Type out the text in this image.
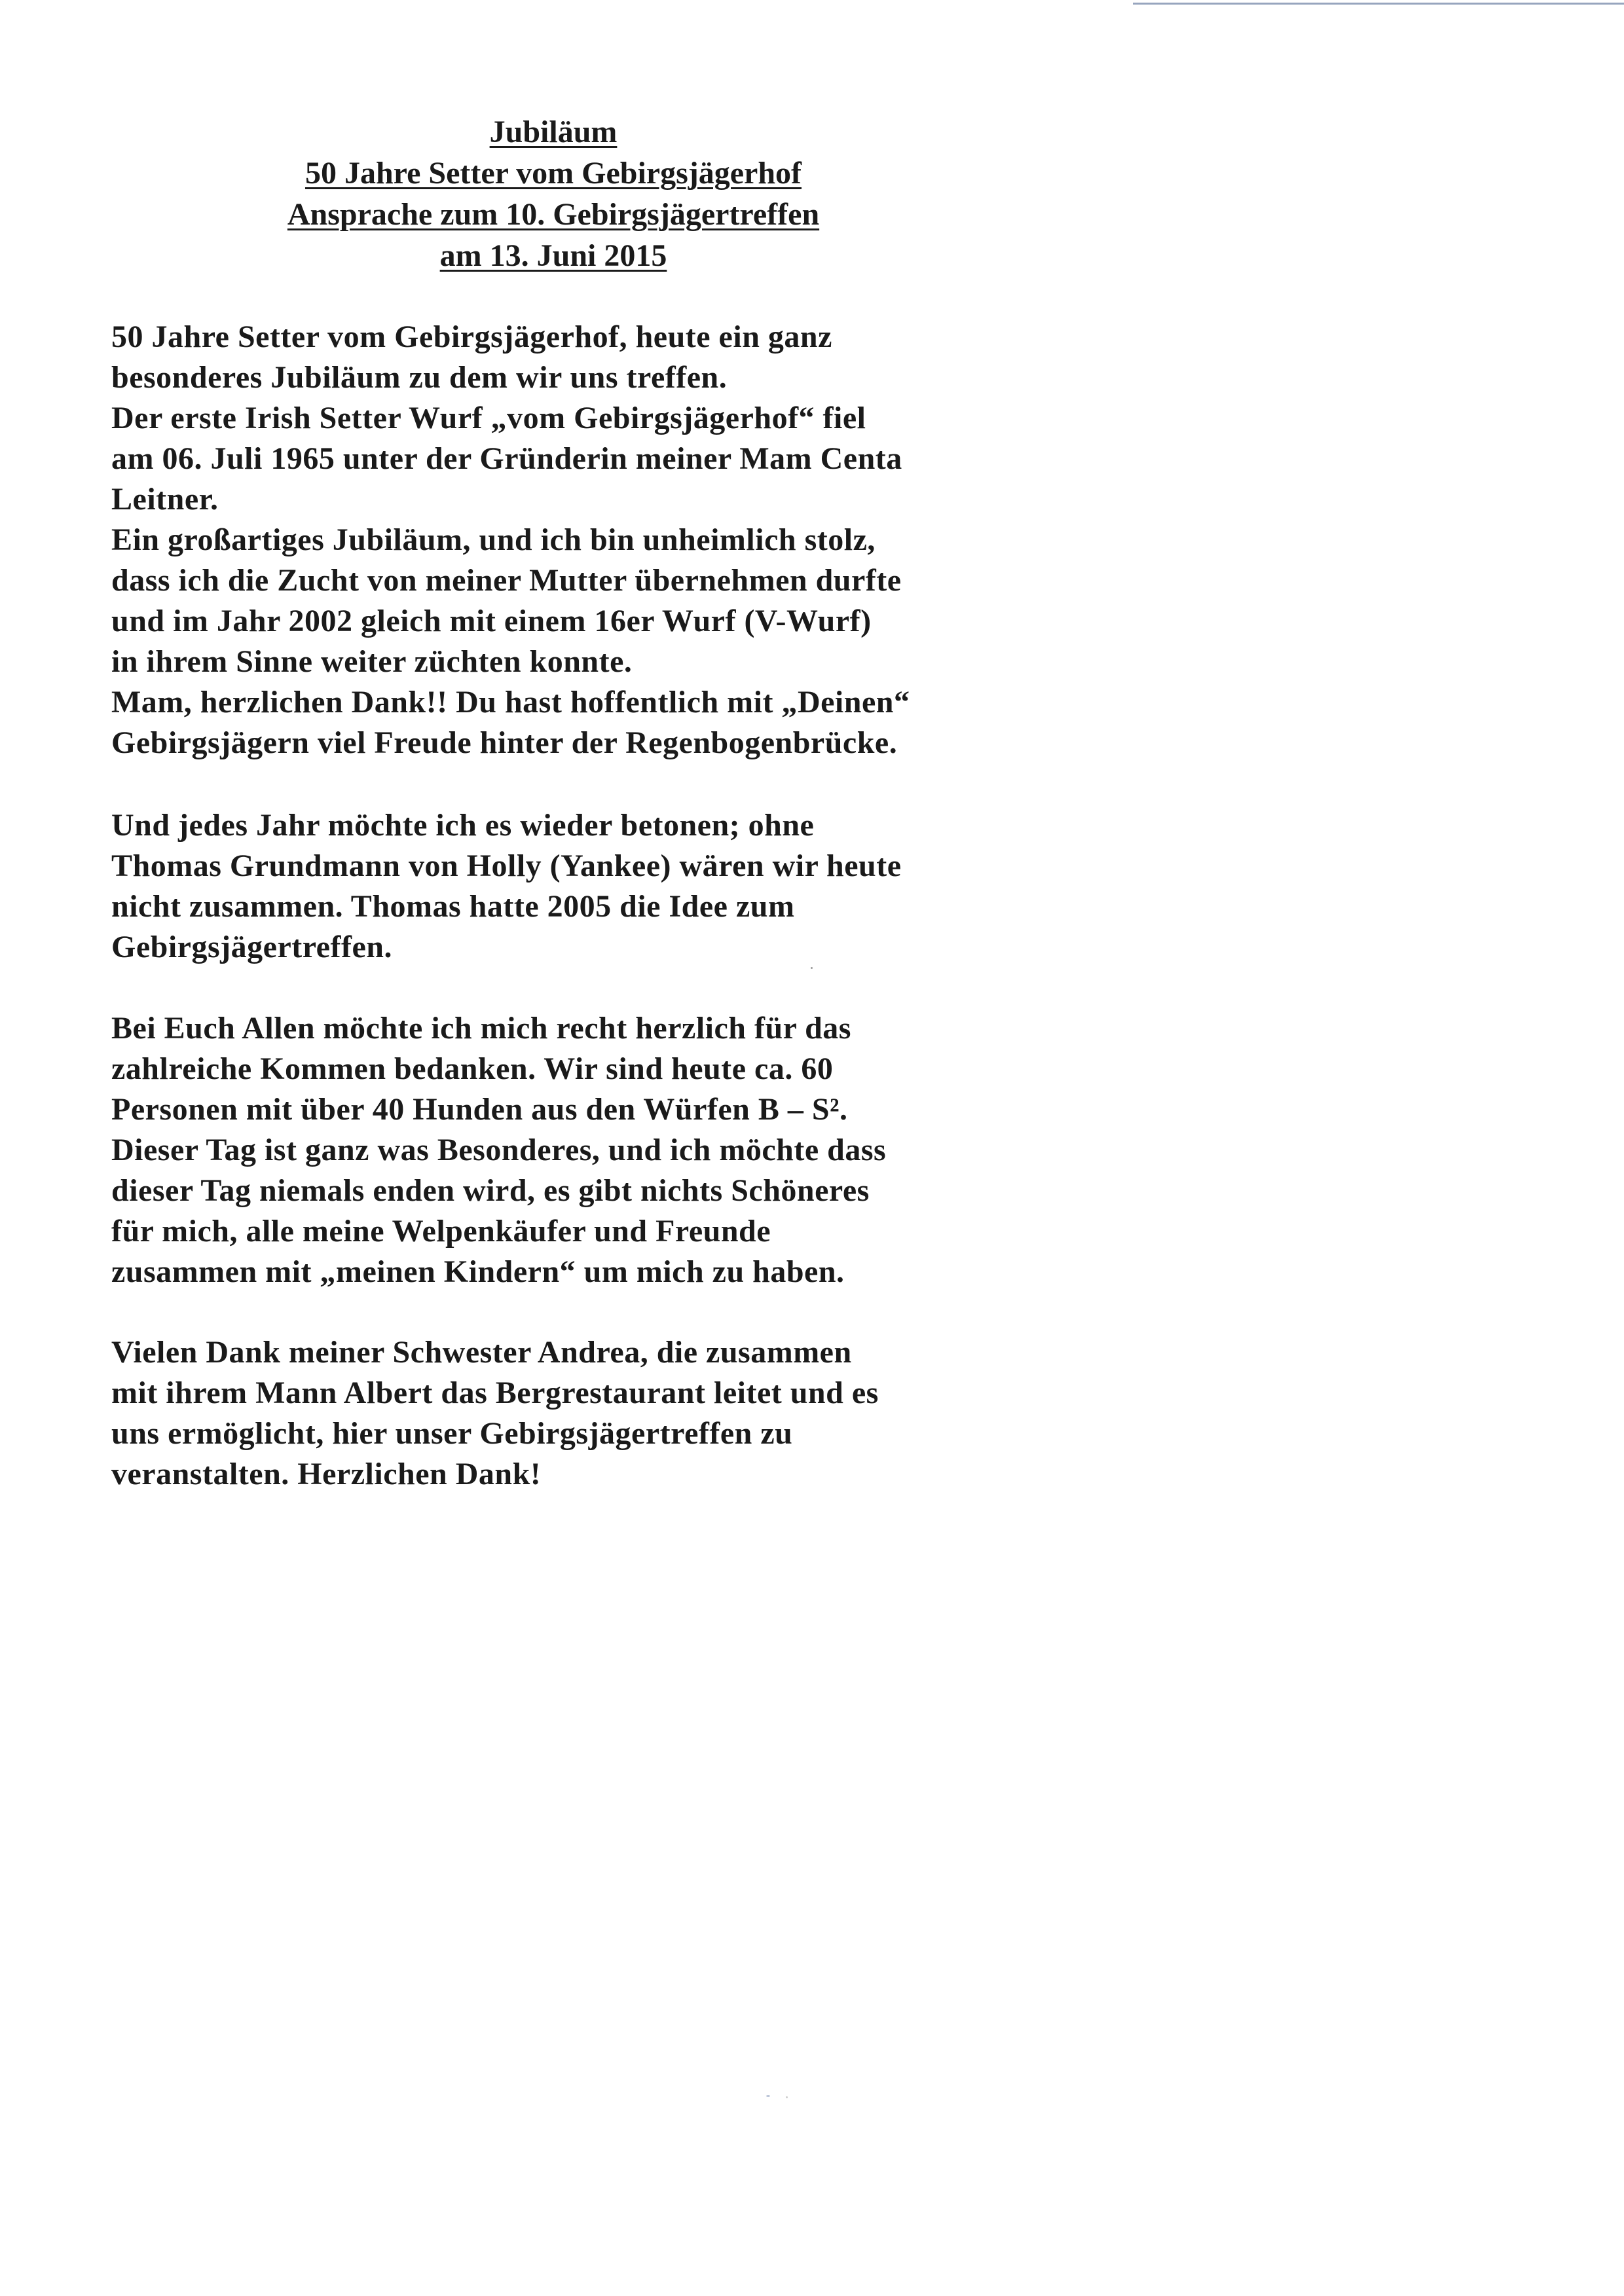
Jubiläum
50 Jahre Setter vom Gebirgsjägerhof
Ansprache zum 10. Gebirgsjägertreffen
am 13. Juni 2015
50 Jahre Setter vom Gebirgsjägerhof, heute ein ganz
besonderes Jubiläum zu dem wir uns treffen.
Der erste Irish Setter Wurf „vom Gebirgsjägerhof“ fiel
am 06. Juli 1965 unter der Gründerin meiner Mam Centa
Leitner.
Ein großartiges Jubiläum, und ich bin unheimlich stolz,
dass ich die Zucht von meiner Mutter übernehmen durfte
und im Jahr 2002 gleich mit einem 16er Wurf (V-Wurf)
in ihrem Sinne weiter züchten konnte.
Mam, herzlichen Dank!! Du hast hoffentlich mit „Deinen“
Gebirgsjägern viel Freude hinter der Regenbogenbrücke.
Und jedes Jahr möchte ich es wieder betonen; ohne
Thomas Grundmann von Holly (Yankee) wären wir heute
nicht zusammen. Thomas hatte 2005 die Idee zum
Gebirgsjägertreffen.
Bei Euch Allen möchte ich mich recht herzlich für das
zahlreiche Kommen bedanken. Wir sind heute ca. 60
Personen mit über 40 Hunden aus den Würfen B – S².
Dieser Tag ist ganz was Besonderes, und ich möchte dass
dieser Tag niemals enden wird, es gibt nichts Schöneres
für mich, alle meine Welpenkäufer und Freunde
zusammen mit „meinen Kindern“ um mich zu haben.
Vielen Dank meiner Schwester Andrea, die zusammen
mit ihrem Mann Albert das Bergrestaurant leitet und es
uns ermöglicht, hier unser Gebirgsjägertreffen zu
veranstalten. Herzlichen Dank!
